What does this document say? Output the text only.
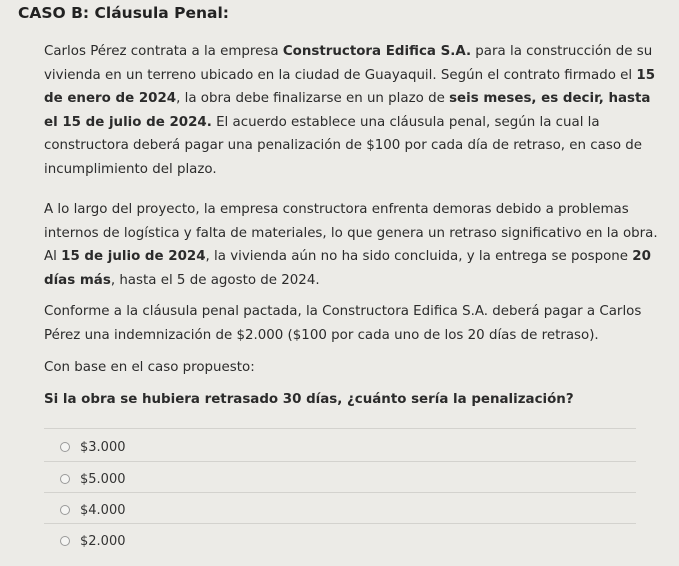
CASO B: Cláusula Penal:
Carlos Pérez contrata a la empresa Constructora Edifica S.A. para la construcción de su vivienda en un terreno ubicado en la ciudad de Guayaquil. Según el contrato firmado el 15 de enero de 2024, la obra debe finalizarse en un plazo de seis meses, es decir, hasta el 15 de julio de 2024. El acuerdo establece una cláusula penal, según la cual la constructora deberá pagar una penalización de $100 por cada día de retraso, en caso de incumplimiento del plazo.
A lo largo del proyecto, la empresa constructora enfrenta demoras debido a problemas internos de logística y falta de materiales, lo que genera un retraso significativo en la obra. Al 15 de julio de 2024, la vivienda aún no ha sido concluida, y la entrega se pospone 20 días más, hasta el 5 de agosto de 2024.
Conforme a la cláusula penal pactada, la Constructora Edifica S.A. deberá pagar a Carlos Pérez una indemnización de $2.000 ($100 por cada uno de los 20 días de retraso).
Con base en el caso propuesto:
Si la obra se hubiera retrasado 30 días, ¿cuánto sería la penalización?
$3.000
$5.000
$4.000
$2.000
